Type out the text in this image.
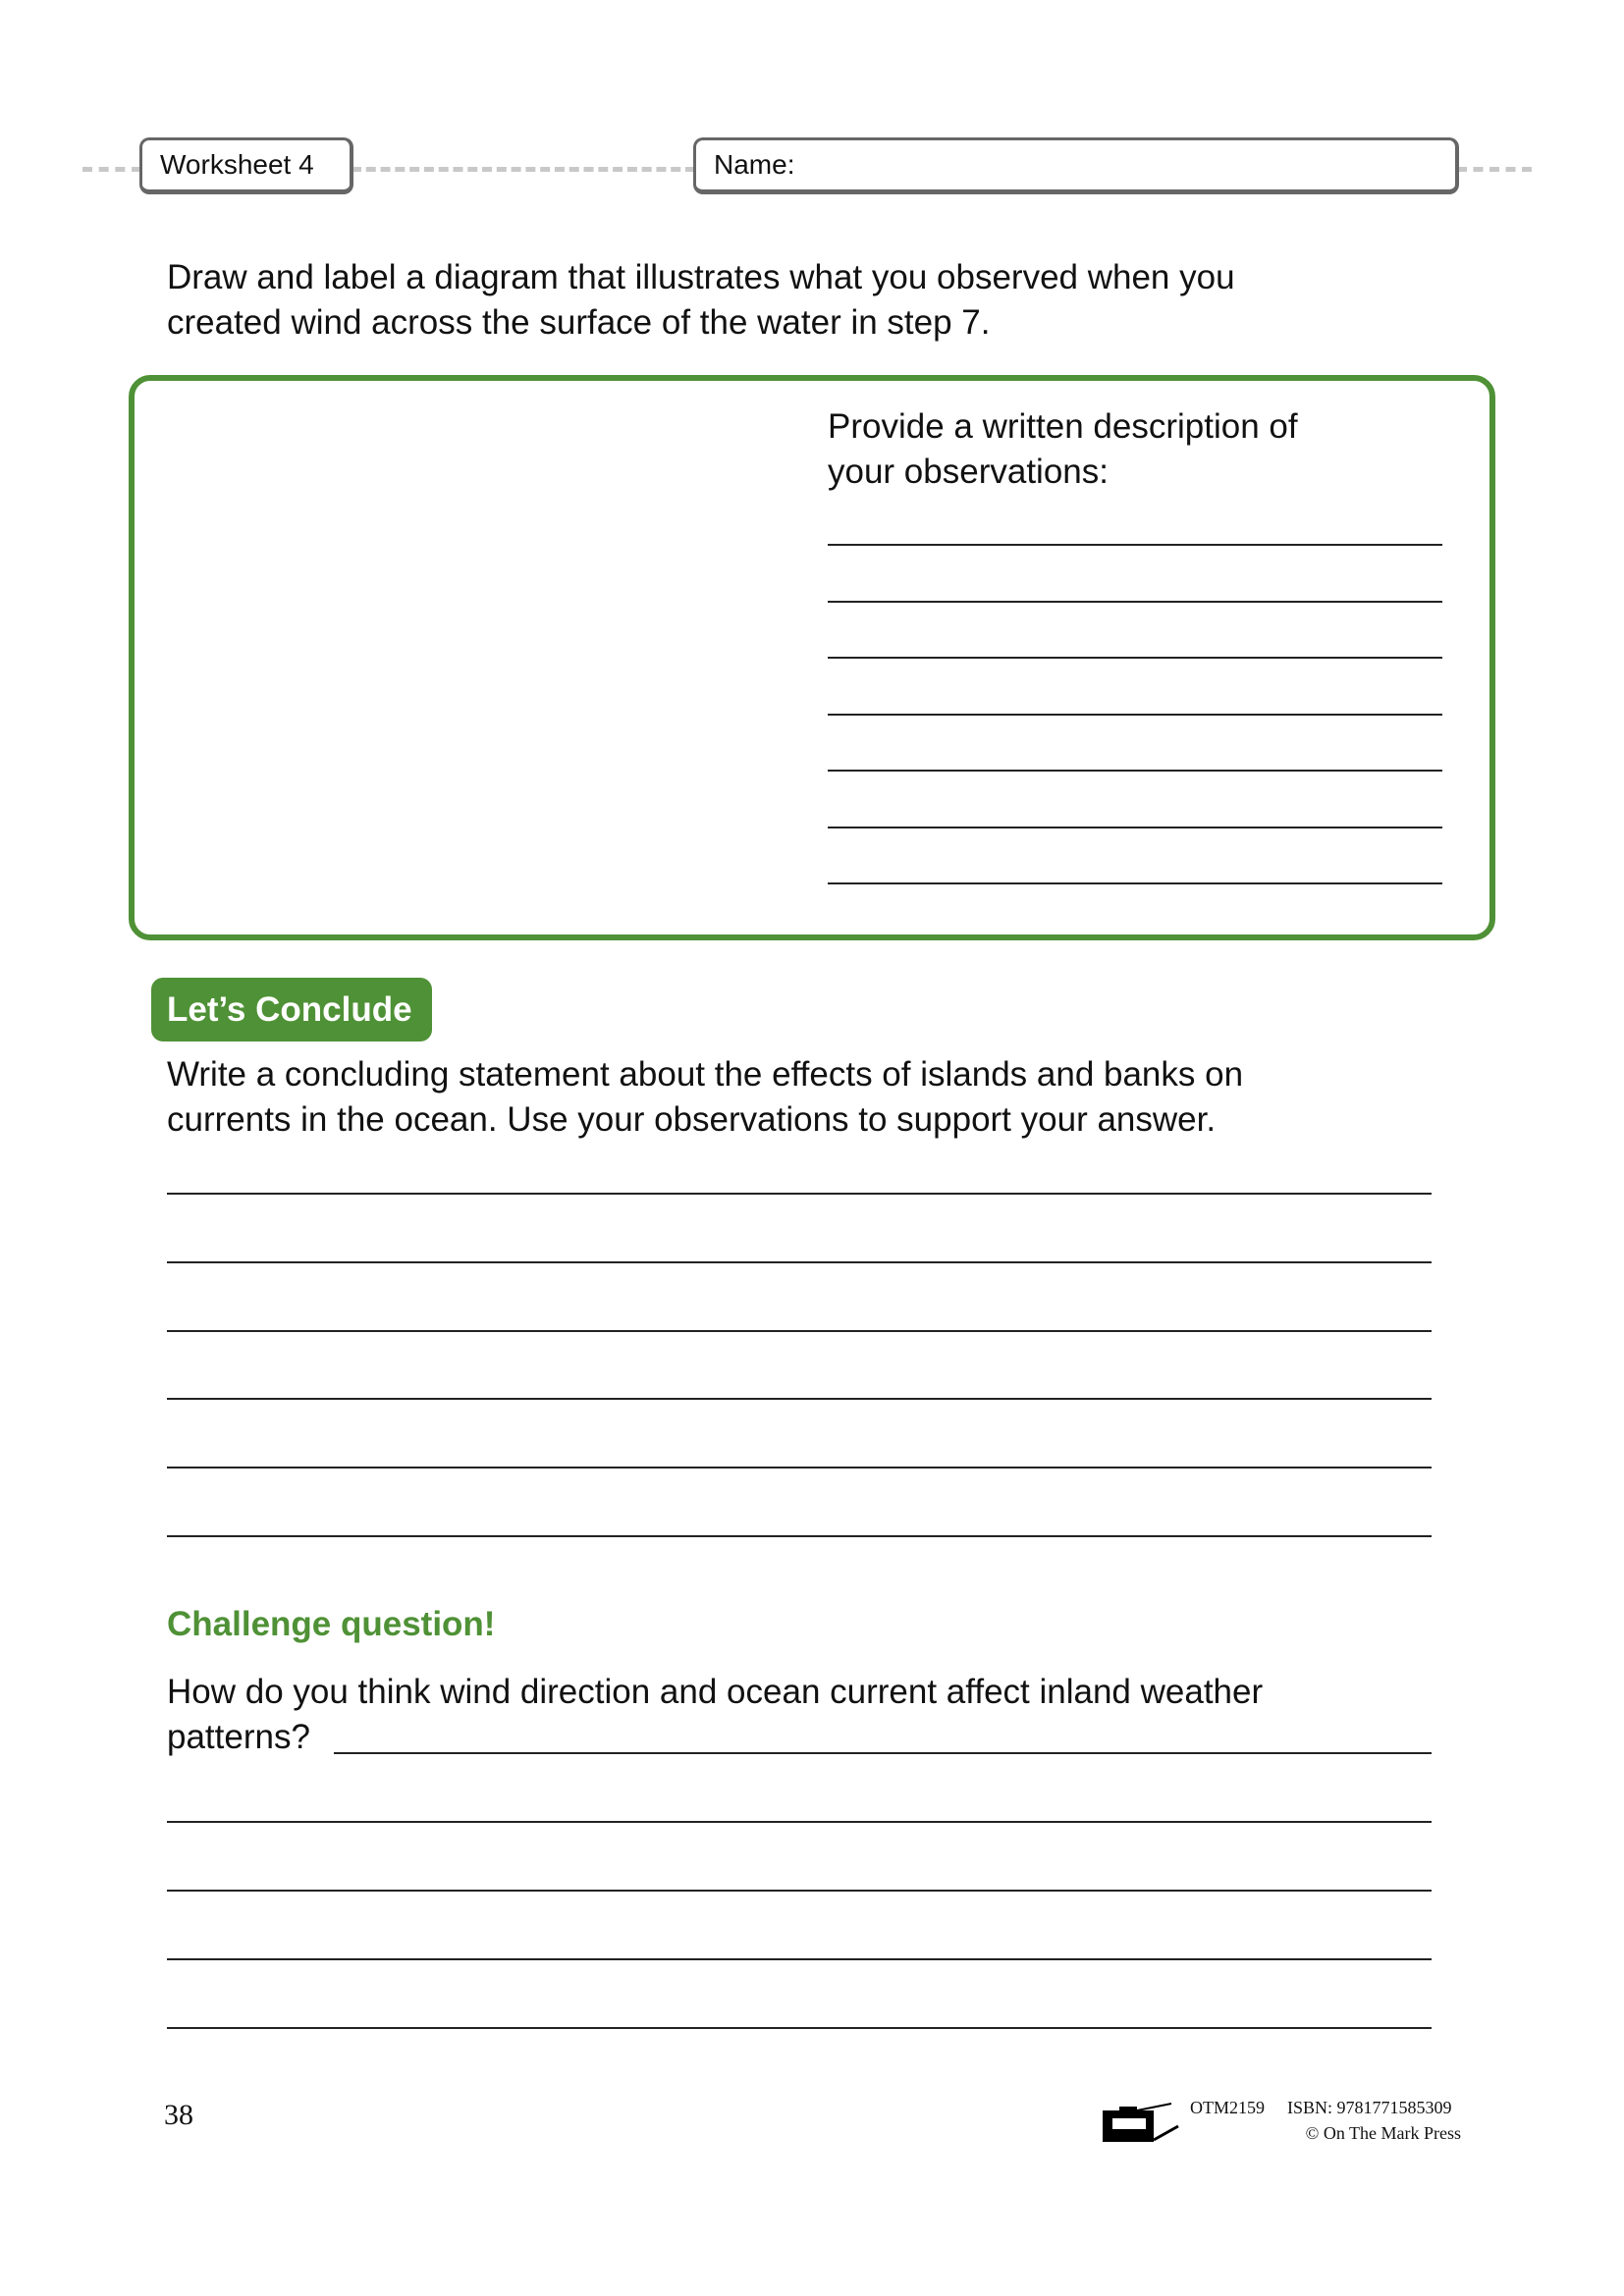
Worksheet 4	Name:
Draw and label a diagram that illustrates what you observed when you
created wind across the surface of the water in step 7.
Provide a written description of
your observations:
Let’s Conclude
Write a concluding statement about the effects of islands and banks on
currents in the ocean. Use your observations to support your answer.
Challenge question!
How do you think wind direction and ocean current affect inland weather
patterns?
38	OTM2159 ISBN: 9781771585309
© On The Mark Press
